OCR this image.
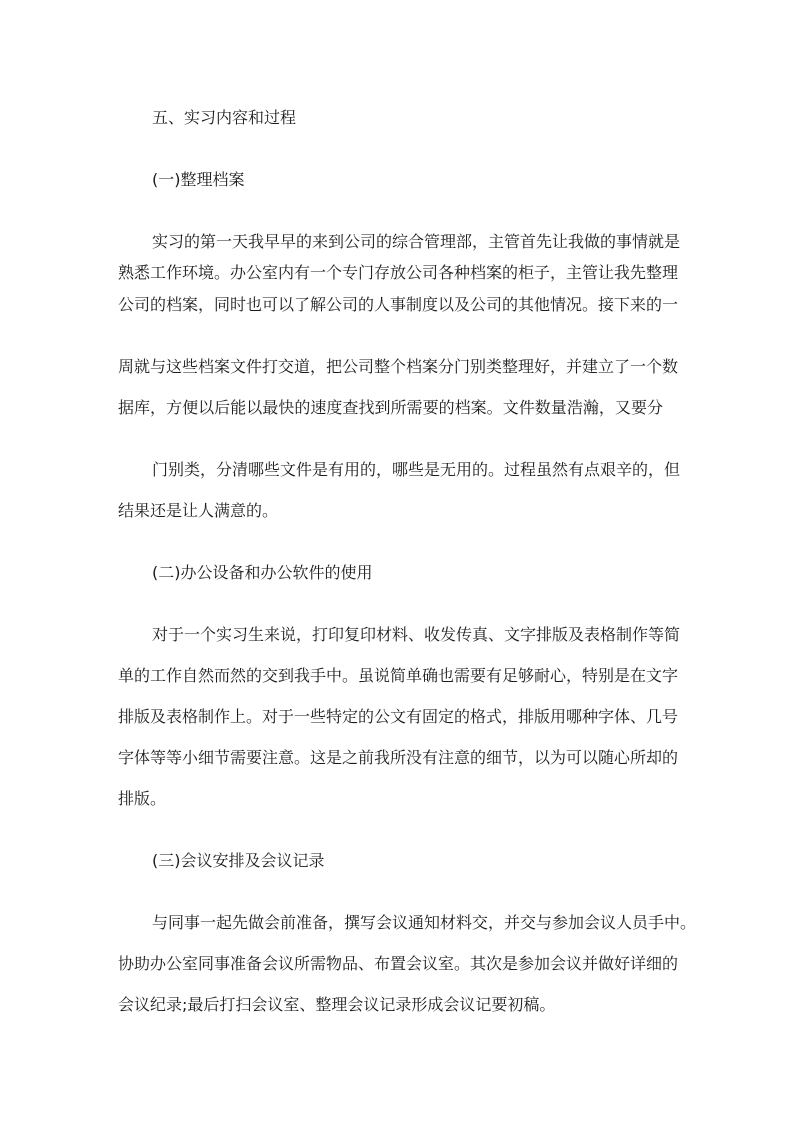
五、实习内容和过程
(一)整理档案
实习的第一天我早早的来到公司的综合管理部，主管首先让我做的事情就是
熟悉工作环境。办公室内有一个专门存放公司各种档案的柜子，主管让我先整理
公司的档案，同时也可以了解公司的人事制度以及公司的其他情况。接下来的一
周就与这些档案文件打交道，把公司整个档案分门别类整理好，并建立了一个数
据库，方便以后能以最快的速度查找到所需要的档案。文件数量浩瀚，又要分
门别类，分清哪些文件是有用的，哪些是无用的。过程虽然有点艰辛的，但
结果还是让人满意的。
(二)办公设备和办公软件的使用
对于一个实习生来说，打印复印材料、收发传真、文字排版及表格制作等简
单的工作自然而然的交到我手中。虽说简单确也需要有足够耐心，特别是在文字
排版及表格制作上。对于一些特定的公文有固定的格式，排版用哪种字体、几号
字体等等小细节需要注意。这是之前我所没有注意的细节，以为可以随心所却的
排版。
(三)会议安排及会议记录
与同事一起先做会前准备，撰写会议通知材料交，并交与参加会议人员手中。
协助办公室同事准备会议所需物品、布置会议室。其次是参加会议并做好详细的
会议纪录;最后打扫会议室、整理会议记录形成会议记要初稿。
